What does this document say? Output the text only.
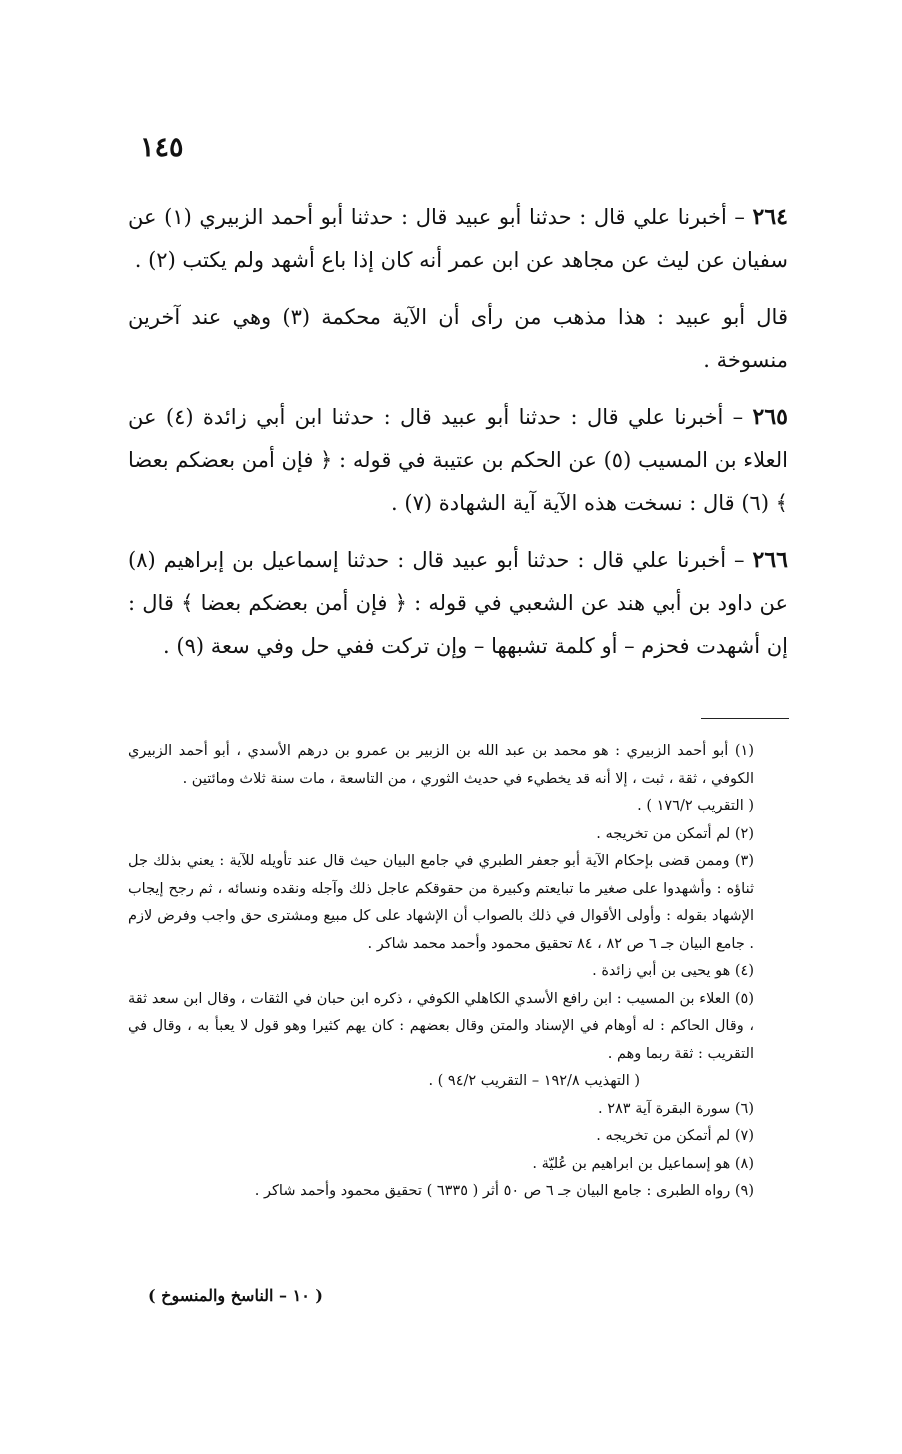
١٤٥

٢٦٤ – أخبرنا علي قال : حدثنا أبو عبيد قال : حدثنا أبو أحمد الزبيري (١) عن سفيان عن ليث عن مجاهد عن ابن عمر أنه كان إذا باع أشهد ولم يكتب (٢) .

قال أبو عبيد : هذا مذهب من رأى أن الآية محكمة (٣) وهي عند آخرين منسوخة .

٢٦٥ – أخبرنا علي قال : حدثنا أبو عبيد قال : حدثنا ابن أبي زائدة (٤) عن العلاء بن المسيب (٥) عن الحكم بن عتيبة في قوله : ﴿ فإن أمن بعضكم بعضا ﴾ (٦) قال : نسخت هذه الآية آية الشهادة (٧) .

٢٦٦ – أخبرنا علي قال : حدثنا أبو عبيد قال : حدثنا إسماعيل بن إبراهيم (٨) عن داود بن أبي هند عن الشعبي في قوله : ﴿ فإن أمن بعضكم بعضا ﴾ قال : إن أشهدت فحزم – أو كلمة تشبهها – وإن تركت ففي حل وفي سعة (٩) .

(١) أبو أحمد الزبيري : هو محمد بن عبد الله بن الزبير بن عمرو بن درهم الأسدي ، أبو أحمد الزبيري الكوفي ، ثقة ، ثبت ، إلا أنه قد يخطيء في حديث الثوري ، من التاسعة ، مات سنة ثلاث ومائتين .

( التقريب ١٧٦/٢ ) .

(٢) لم أتمكن من تخريجه .

(٣) وممن قضى بإحكام الآية أبو جعفر الطبري في جامع البيان حيث قال عند تأويله للآية : يعني بذلك جل ثناؤه : وأشهدوا على صغير ما تبايعتم وكبيرة من حقوقكم عاجل ذلك وآجله ونقده ونسائه ، ثم رجح إيجاب الإشهاد بقوله : وأولى الأقوال في ذلك بالصواب أن الإشهاد على كل مبيع ومشترى حق واجب وفرض لازم . جامع البيان جـ ٦ ص ٨٢ ، ٨٤ تحقيق محمود وأحمد محمد شاكر .

(٤) هو يحيى بن أبي زائدة .

(٥) العلاء بن المسيب : ابن رافع الأسدي الكاهلي الكوفي ، ذكره ابن حبان في الثقات ، وقال ابن سعد ثقة ، وقال الحاكم : له أوهام في الإسناد والمتن وقال بعضهم : كان يهم كثيرا وهو قول لا يعبأ به ، وقال في التقريب : ثقة ربما وهم .

( التهذيب ١٩٢/٨ – التقريب ٩٤/٢ ) .

(٦) سورة البقرة آية ٢٨٣ .

(٧) لم أتمكن من تخريجه .

(٨) هو إسماعيل بن ابراهيم بن عُليّة .

(٩) رواه الطبرى : جامع البيان جـ ٦ ص ٥٠ أثر ( ٦٣٣٥ ) تحقيق محمود وأحمد شاكر .

( ١٠ – الناسخ والمنسوخ )
